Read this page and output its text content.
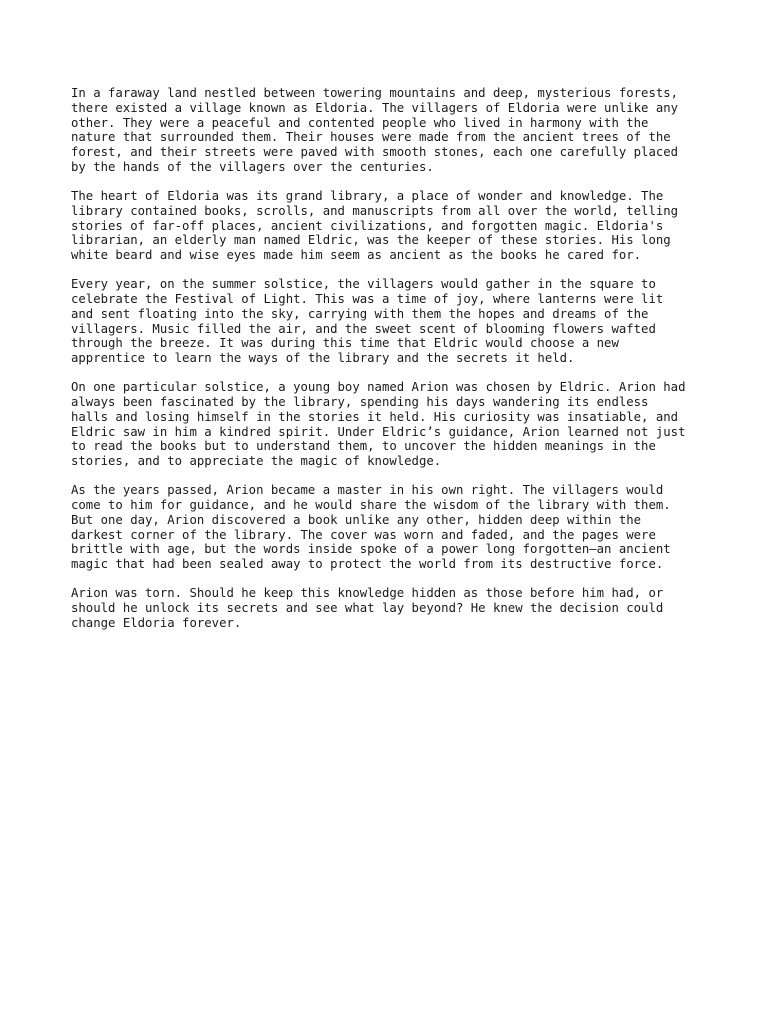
In a faraway land nestled between towering mountains and deep, mysterious forests,
there existed a village known as Eldoria. The villagers of Eldoria were unlike any
other. They were a peaceful and contented people who lived in harmony with the
nature that surrounded them. Their houses were made from the ancient trees of the
forest, and their streets were paved with smooth stones, each one carefully placed
by the hands of the villagers over the centuries.
The heart of Eldoria was its grand library, a place of wonder and knowledge. The
library contained books, scrolls, and manuscripts from all over the world, telling
stories of far-off places, ancient civilizations, and forgotten magic. Eldoria's
librarian, an elderly man named Eldric, was the keeper of these stories. His long
white beard and wise eyes made him seem as ancient as the books he cared for.
Every year, on the summer solstice, the villagers would gather in the square to
celebrate the Festival of Light. This was a time of joy, where lanterns were lit
and sent floating into the sky, carrying with them the hopes and dreams of the
villagers. Music filled the air, and the sweet scent of blooming flowers wafted
through the breeze. It was during this time that Eldric would choose a new
apprentice to learn the ways of the library and the secrets it held.
On one particular solstice, a young boy named Arion was chosen by Eldric. Arion had
always been fascinated by the library, spending his days wandering its endless
halls and losing himself in the stories it held. His curiosity was insatiable, and
Eldric saw in him a kindred spirit. Under Eldric’s guidance, Arion learned not just
to read the books but to understand them, to uncover the hidden meanings in the
stories, and to appreciate the magic of knowledge.
As the years passed, Arion became a master in his own right. The villagers would
come to him for guidance, and he would share the wisdom of the library with them.
But one day, Arion discovered a book unlike any other, hidden deep within the
darkest corner of the library. The cover was worn and faded, and the pages were
brittle with age, but the words inside spoke of a power long forgotten—an ancient
magic that had been sealed away to protect the world from its destructive force.
Arion was torn. Should he keep this knowledge hidden as those before him had, or
should he unlock its secrets and see what lay beyond? He knew the decision could
change Eldoria forever.
